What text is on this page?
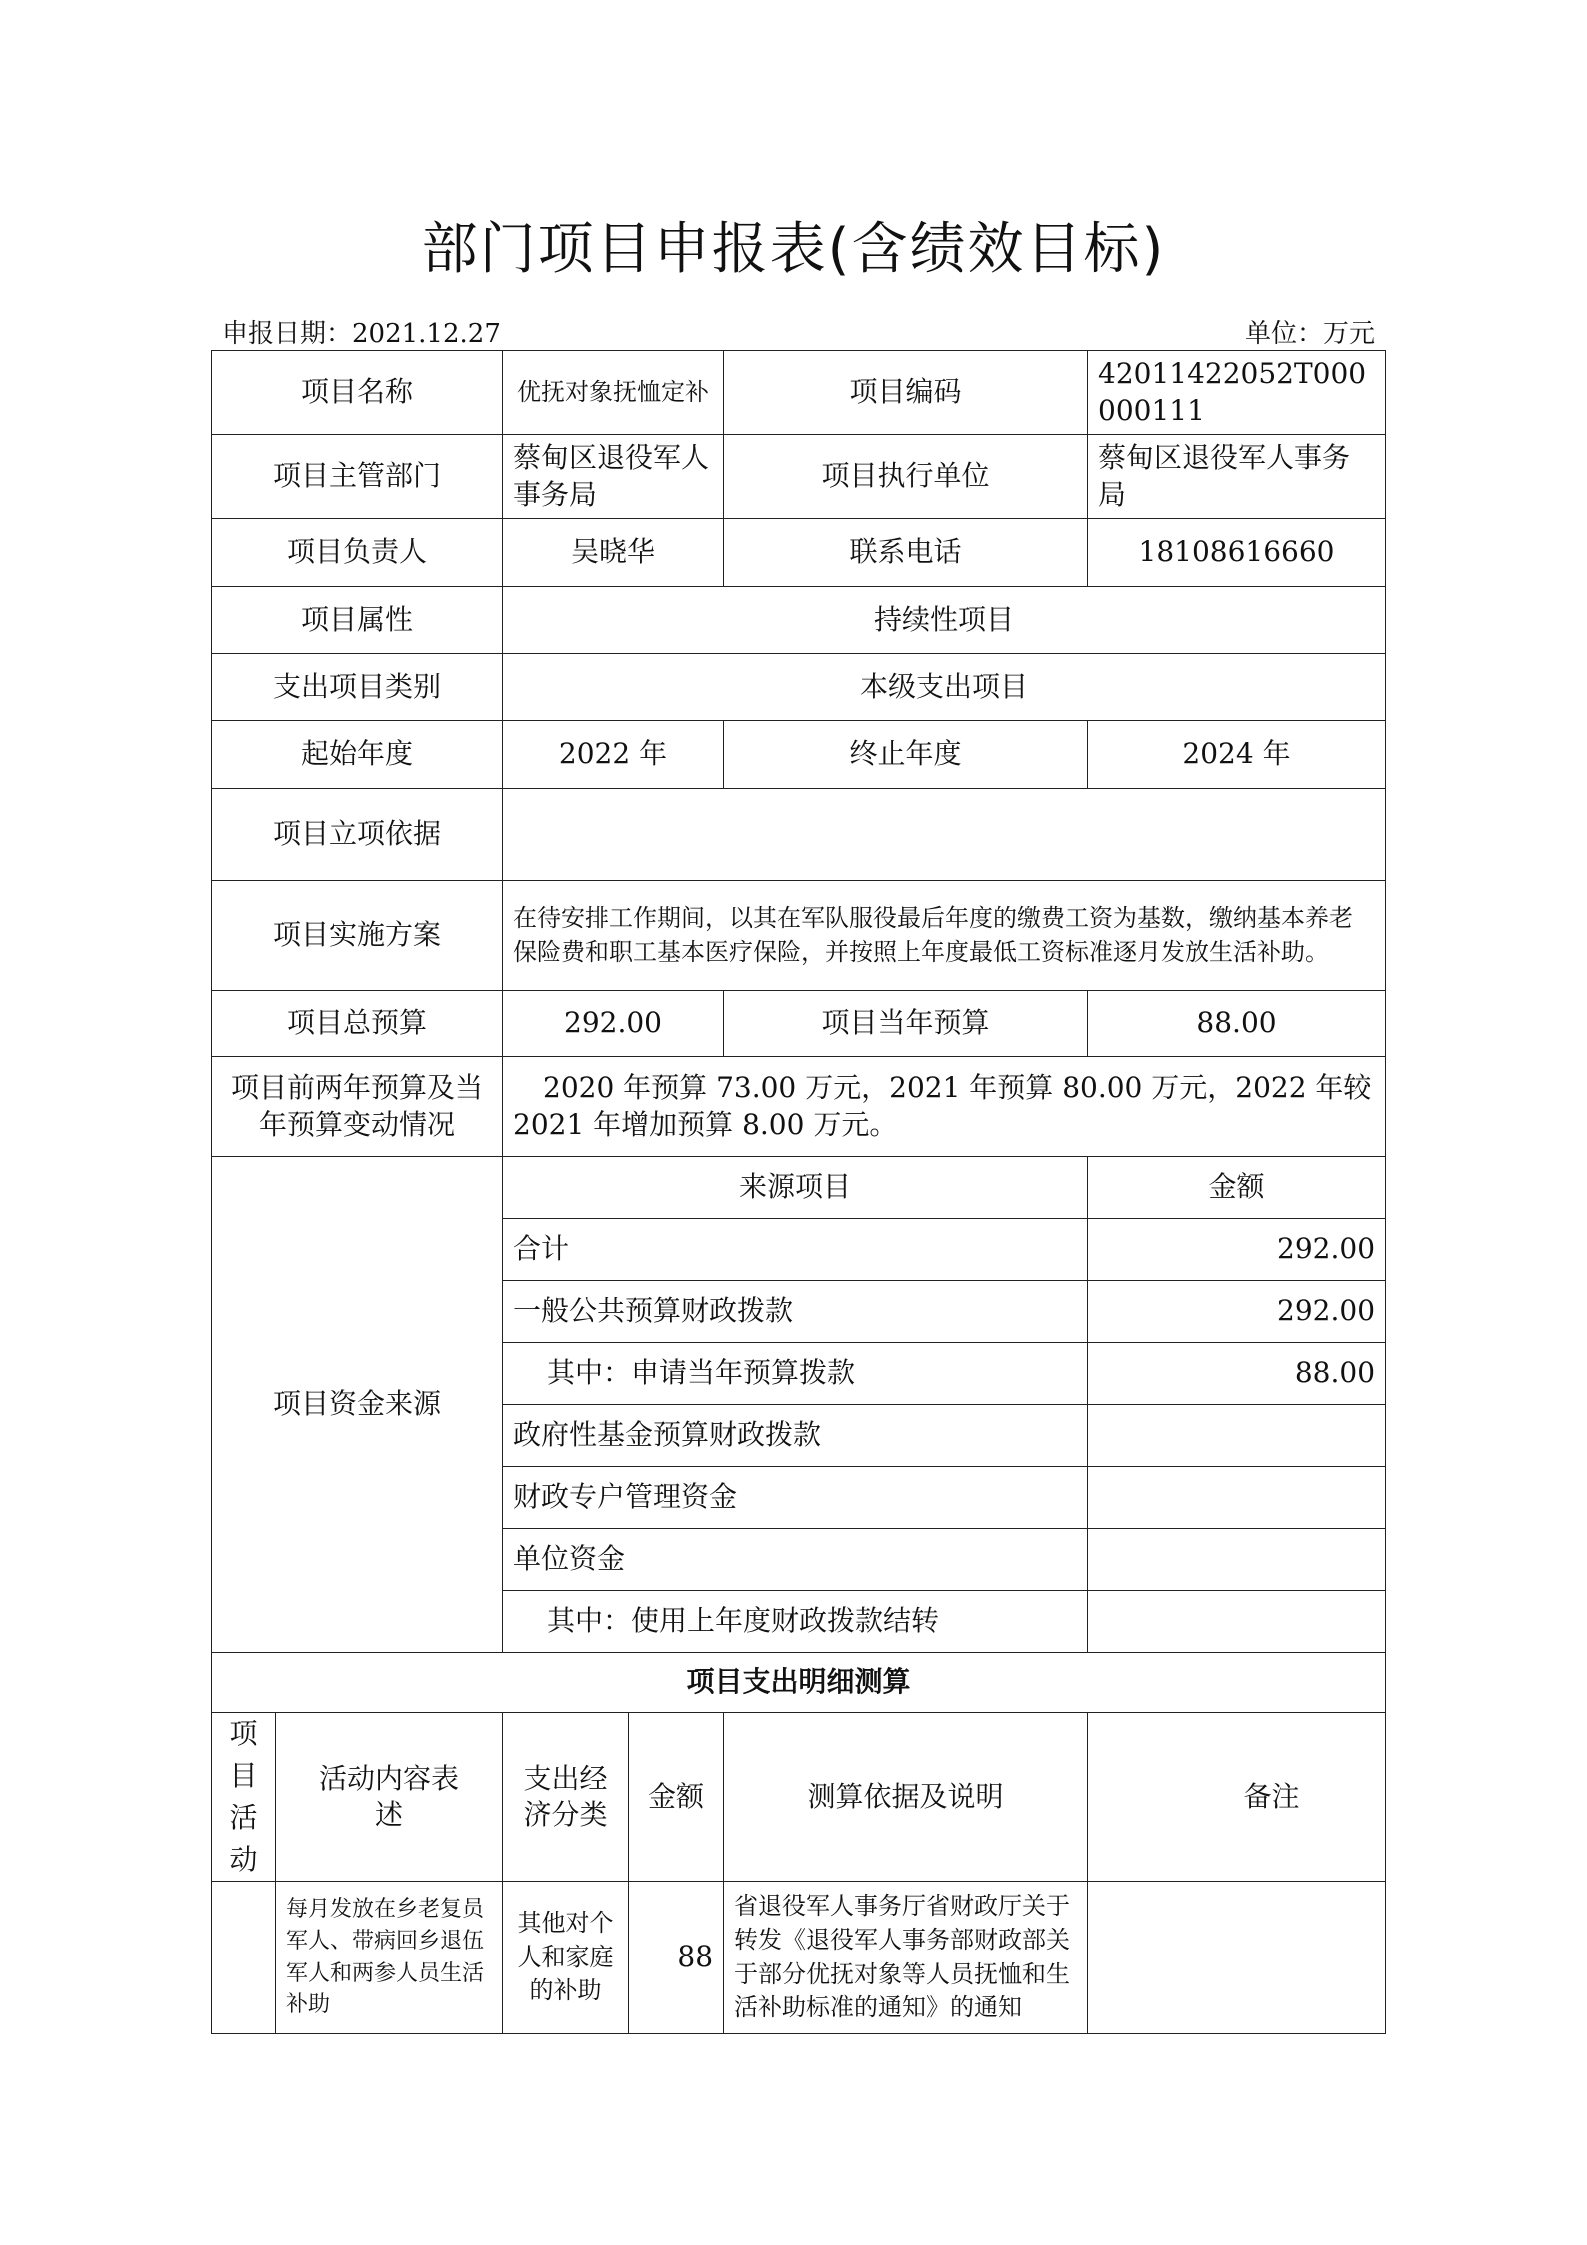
部门项目申报表(含绩效目标)
申报日期：2021.12.27	单位：万元
项目名称		优抚对象抚恤定补		项目编码	42011422052T000000111
项目主管部门		蔡甸区退役军人事务局		项目执行单位	蔡甸区退役军人事务局
项目负责人		吴晓华		联系电话	18108616660
项目属性		持续性项目			
支出项目类别		本级支出项目			
起始年度		2022 年		终止年度	2024 年
项目立项依据					
项目实施方案		在待安排工作期间，以其在军队服役最后年度的缴费工资为基数，缴纳基本养老保险费和职工基本医疗保险，并按照上年度最低工资标准逐月发放生活补助。			
项目总预算		292.00		项目当年预算	88.00
项目前两年预算及当年预算变动情况		2020 年预算 73.00 万元，2021 年预算 80.00 万元，2022 年较 2021 年增加预算 8.00 万元。			
项目资金来源		来源项目			金额
		合计			292.00
		一般公共预算财政拨款			292.00
		其中：申请当年预算拨款			88.00
		政府性基金预算财政拨款			
		财政专户管理资金			
		单位资金			
		其中：使用上年度财政拨款结转			
项目支出明细测算					
项目活动	活动内容表述	支出经济分类	金额	测算依据及说明	备注
	每月发放在乡老复员军人、带病回乡退伍军人和两参人员生活补助	其他对个人和家庭的补助	88	省退役军人事务厅省财政厅关于转发《退役军人事务部财政部关于部分优抚对象等人员抚恤和生活补助标准的通知》的通知	
